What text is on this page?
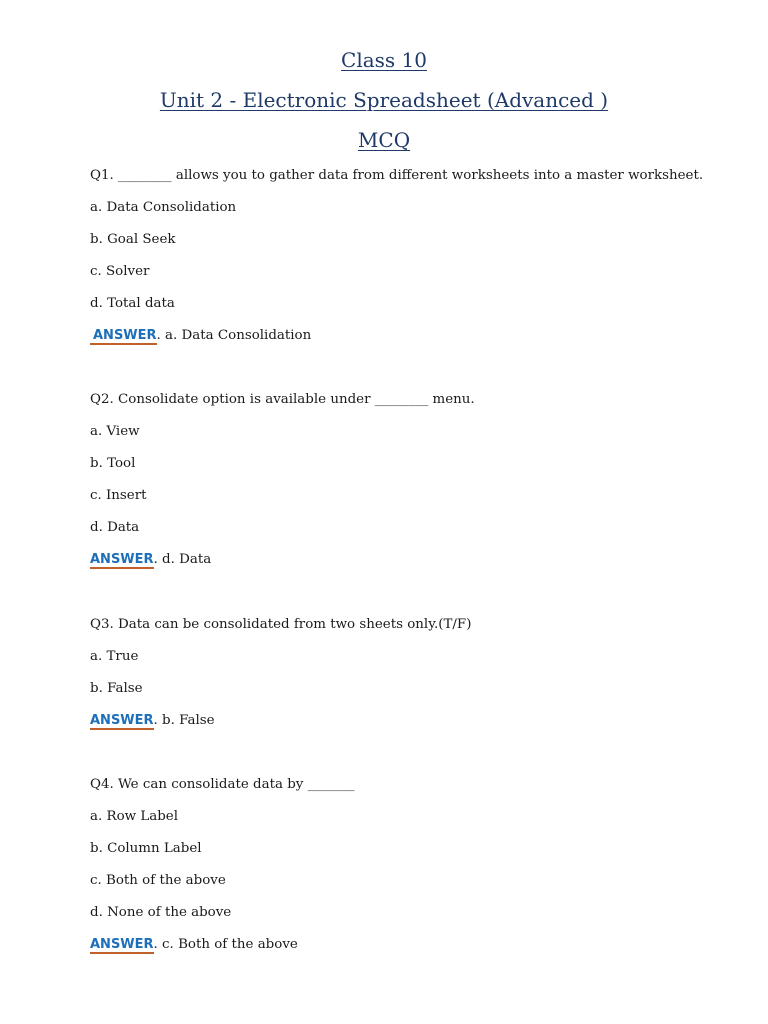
Class 10
Unit 2 - Electronic Spreadsheet (Advanced )
MCQ
Q1. ________ allows you to gather data from different worksheets into a master worksheet.
a. Data Consolidation
b. Goal Seek
c. Solver
d. Total data
ANSWER. a. Data Consolidation
Q2. Consolidate option is available under ________ menu.
a. View
b. Tool
c. Insert
d. Data
ANSWER. d. Data
Q3. Data can be consolidated from two sheets only.(T/F)
a. True
b. False
ANSWER. b. False
Q4. We can consolidate data by _______
a. Row Label
b. Column Label
c. Both of the above
d. None of the above
ANSWER. c. Both of the above
